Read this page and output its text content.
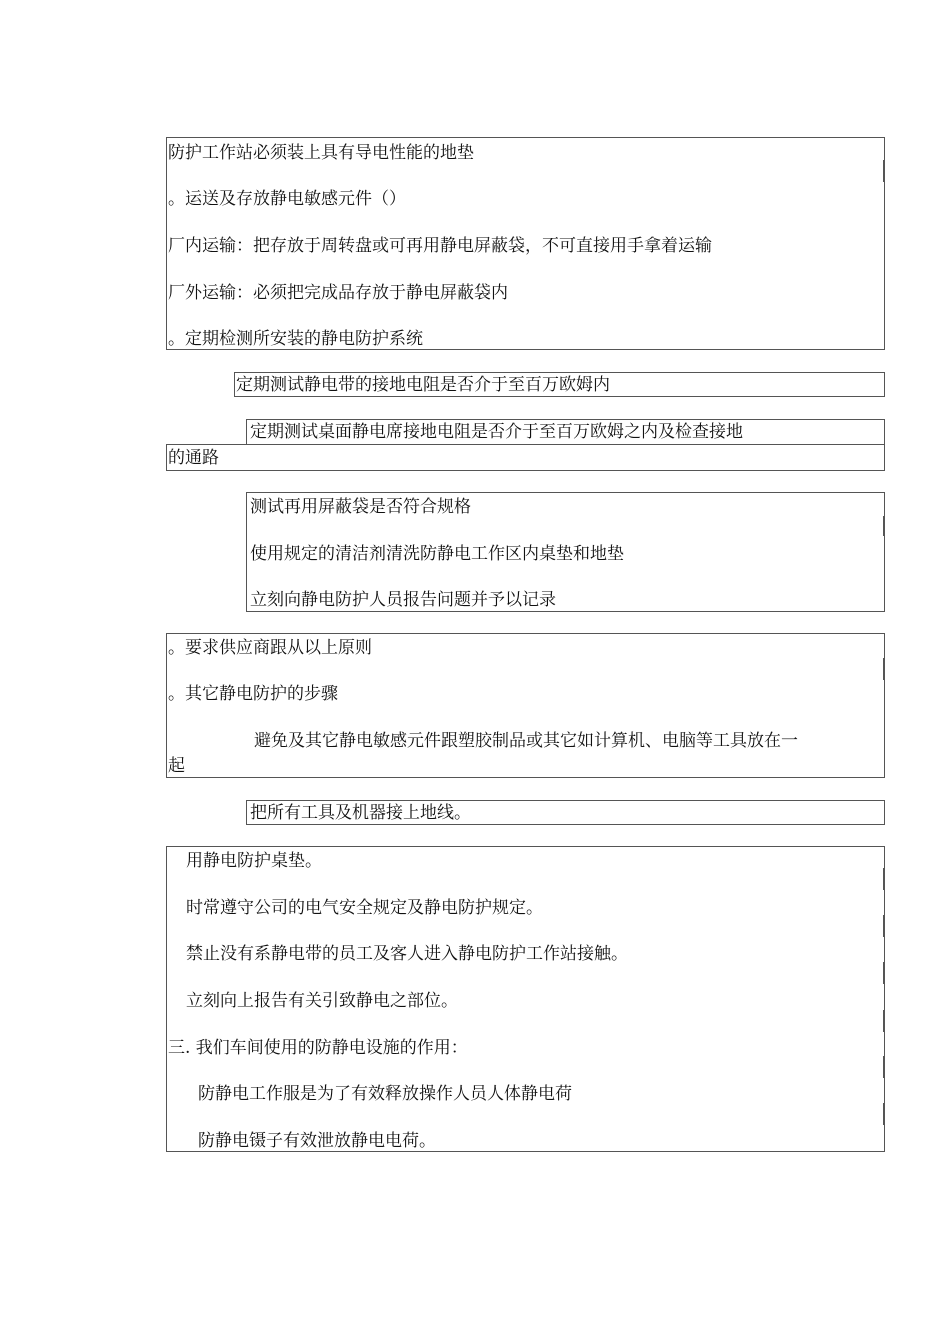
防护工作站必须装上具有导电性能的地垫
。运送及存放静电敏感元件（）
厂内运输：把存放于周转盘或可再用静电屏蔽袋，不可直接用手拿着运输
厂外运输：必须把完成品存放于静电屏蔽袋内
。定期检测所安装的静电防护系统
定期测试静电带的接地电阻是否介于至百万欧姆内
定期测试桌面静电席接地电阻是否介于至百万欧姆之内及检查接地
的通路
测试再用屏蔽袋是否符合规格
使用规定的清洁剂清洗防静电工作区内桌垫和地垫
立刻向静电防护人员报告问题并予以记录
。要求供应商跟从以上原则
。其它静电防护的步骤
避免及其它静电敏感元件跟塑胶制品或其它如计算机、电脑等工具放在一
起
把所有工具及机器接上地线。
用静电防护桌垫。
时常遵守公司的电气安全规定及静电防护规定。
禁止没有系静电带的员工及客人进入静电防护工作站接触。
立刻向上报告有关引致静电之部位。
三. 我们车间使用的防静电设施的作用：
防静电工作服是为了有效释放操作人员人体静电荷
防静电镊子有效泄放静电电荷。
